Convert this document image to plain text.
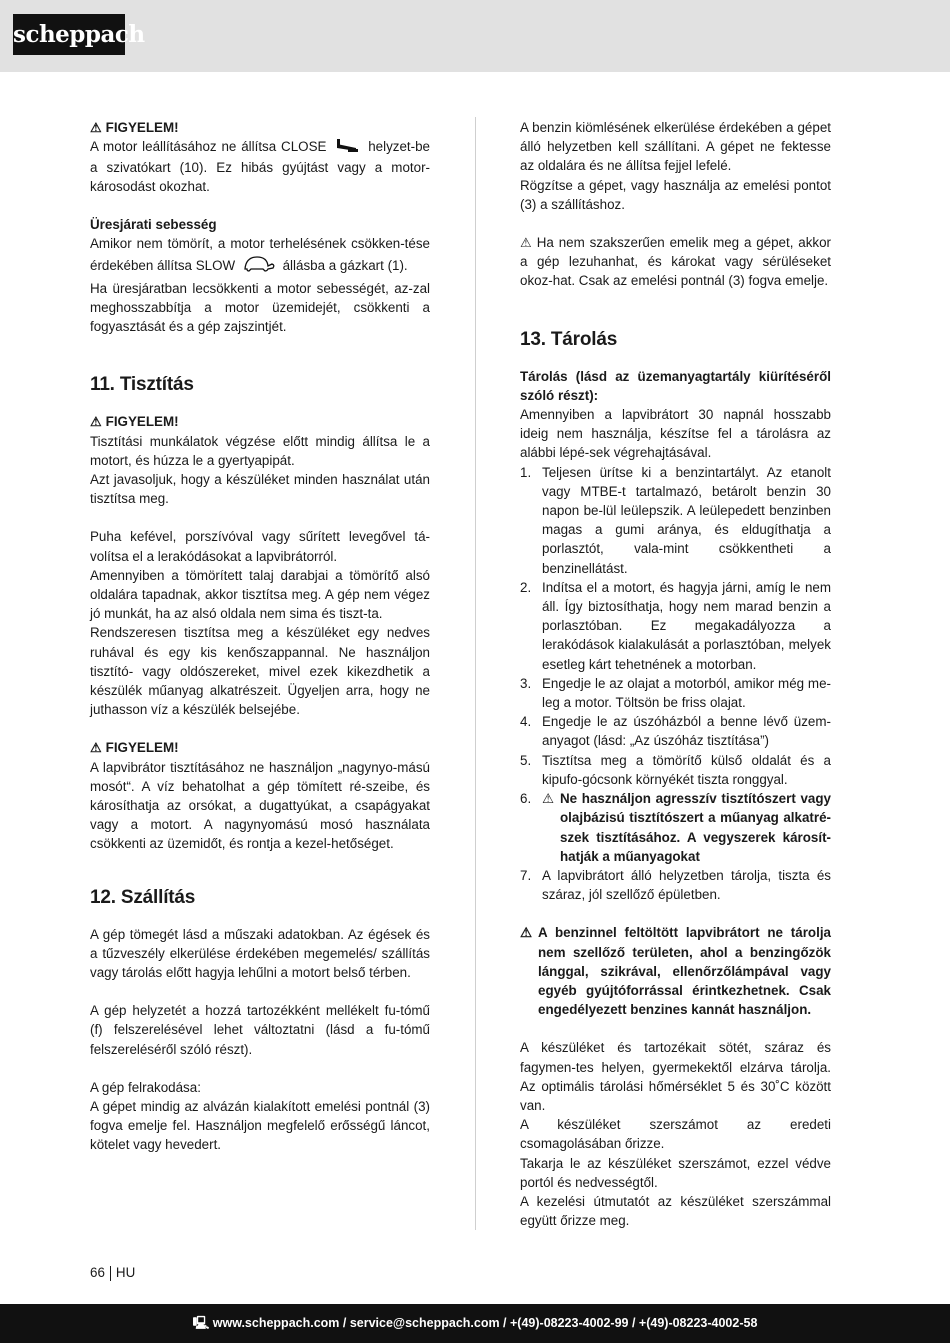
scheppach

⚠ FIGYELEM!

A motor leállításához ne állítsa CLOSE	helyzet-be a szivatókart (10). Ez hibás gyújtást vagy a motor-károsodást okozhat.

Üresjárati sebesség

Amikor nem tömörít, a motor terhelésének csökken-tése érdekében állítsa SLOW	állásba a gázkart (1).

Ha üresjáratban lecsökkenti a motor sebességét, az-zal meghosszabbítja a motor üzemidejét, csökkenti a fogyasztását és a gép zajszintjét.

11. Tisztítás

⚠ FIGYELEM!

Tisztítási munkálatok végzése előtt mindig állítsa le a motort, és húzza le a gyertyapipát.

Azt javasoljuk, hogy a készüléket minden használat után tisztítsa meg.

Puha kefével, porszívóval vagy sűrített levegővel tá-volítsa el a lerakódásokat a lapvibrátorról.

Amennyiben a tömörített talaj darabjai a tömörítő alsó oldalára tapadnak, akkor tisztítsa meg. A gép nem végez jó munkát, ha az alsó oldala nem sima és tiszt-ta.

Rendszeresen tisztítsa meg a készüléket egy nedves ruhával és egy kis kenőszappannal. Ne használjon tisztító- vagy oldószereket, mivel ezek kikezdhetik a készülék műanyag alkatrészeit. Ügyeljen arra, hogy ne juthasson víz a készülék belsejébe.

⚠ FIGYELEM!

A lapvibrátor tisztításához ne használjon „nagynyo-mású mosót“. A víz behatolhat a gép tömített ré-szeibe, és károsíthatja az orsókat, a dugattyúkat, a csapágyakat vagy a motort. A nagynyomású mosó használata csökkenti az üzemidőt, és rontja a kezel-hetőséget.

12. Szállítás

A gép tömegét lásd a műszaki adatokban. Az égések és a tűzveszély elkerülése érdekében megemelés/ szállítás vagy tárolás előtt hagyja lehűlni a motort belső térben.

A gép helyzetét a hozzá tartozékként mellékelt fu-tómű (f) felszerelésével lehet változtatni (lásd a fu-tómű felszereléséről szóló részt).

A gép felrakodása:

A gépet mindig az alvázán kialakított emelési pontnál (3) fogva emelje fel. Használjon megfelelő erősségű láncot, kötelet vagy hevedert.

A benzin kiömlésének elkerülése érdekében a gépet álló helyzetben kell szállítani. A gépet ne fektesse az oldalára és ne állítsa fejjel lefelé.

Rögzítse a gépet, vagy használja az emelési pontot (3) a szállításhoz.

⚠ Ha nem szakszerűen emelik meg a gépet, akkor a gép lezuhanhat, és károkat vagy sérüléseket okoz-hat. Csak az emelési pontnál (3) fogva emelje.

13. Tárolás

Tárolás (lásd az üzemanyagtartály kiürítéséről szóló részt):

Amennyiben a lapvibrátort 30 napnál hosszabb ideig nem használja, készítse fel a tárolásra az alábbi lépé-sek végrehajtásával.

1. Teljesen ürítse ki a benzintartályt. Az etanolt vagy MTBE-t tartalmazó, betárolt benzin 30 napon be-lül leülepszik. A leülepedett benzinben magas a gumi aránya, és eldugíthatja a porlasztót, vala-mint csökkentheti a benzinellátást.
2. Indítsa el a motort, és hagyja járni, amíg le nem áll. Így biztosíthatja, hogy nem marad benzin a porlasztóban. Ez megakadályozza a lerakódások kialakulását a porlasztóban, melyek esetleg kárt tehetnének a motorban.
3. Engedje le az olajat a motorból, amikor még me-leg a motor. Töltsön be friss olajat.
4. Engedje le az úszóházból a benne lévő üzem-anyagot (lásd: „Az úszóház tisztítása”)
5. Tisztítsa meg a tömörítő külső oldalát és a kipufo-gócsonk környékét tiszta ronggyal.
6. ⚠ Ne használjon agresszív tisztítószert vagy olajbázisú tisztítószert a műanyag alkatré-szek tisztításához. A vegyszerek károsít-hatják a műanyagokat
7. A lapvibrátort álló helyzetben tárolja, tiszta és száraz, jól szellőző épületben.

⚠ A benzinnel feltöltött lapvibrátort ne tárolja nem szellőző területen, ahol a benzingőzök lánggal, szikrával, ellenőrzőlámpával vagy egyéb gyújtóforrással érintkezhetnek. Csak engedélyezett benzines kannát használjon.

A készüléket és tartozékait sötét, száraz és fagymen-tes helyen, gyermekektől elzárva tárolja. Az optimális tárolási hőmérséklet 5 és 30˚C között van.

A készüléket szerszámot az eredeti csomagolásában őrizze.

Takarja le az készüléket szerszámot, ezzel védve portól és nedvességtől.

A kezelési útmutatót az készüléket szerszámmal együtt őrizze meg.

66 HU
🖳 www.scheppach.com / service@scheppach.com / +(49)-08223-4002-99 / +(49)-08223-4002-58
